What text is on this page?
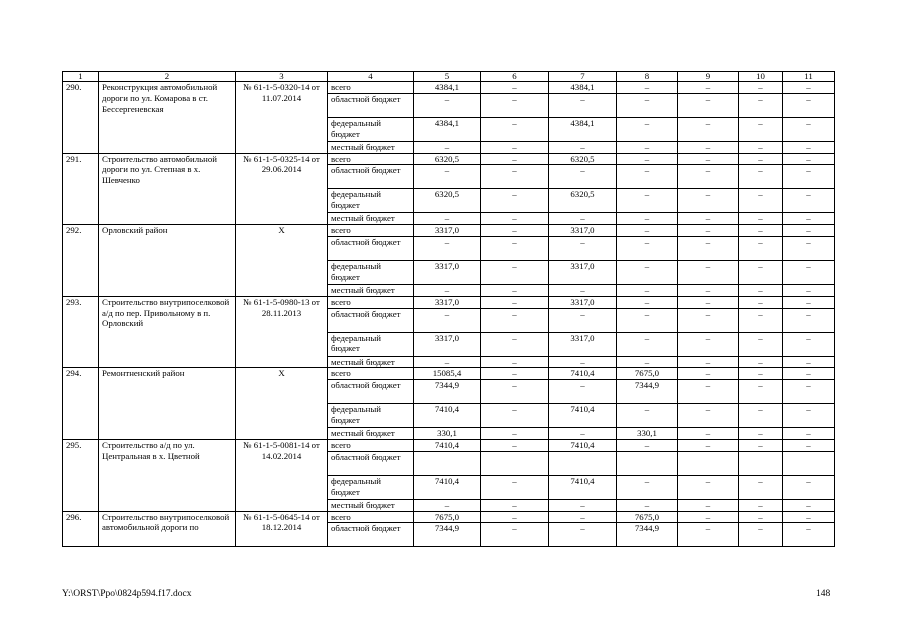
1	2	3	4	5	6	7	8	9	10	11
290.	Реконструкция автомобильной дороги по ул. Комарова в ст. Бессергеневская	№ 61-1-5-0320-14 от 11.07.2014	всего	4384,1	–	4384,1	–	–	–	–
			областной бюджет	–	–	–	–	–	–	–
			федеральный бюджет	4384,1	–	4384,1	–	–	–	–
			местный бюджет	–	–	–	–	–	–	–
291.	Строительство автомобильной дороги по ул. Степная в х. Шевченко	№ 61-1-5-0325-14 от 29.06.2014	всего	6320,5	–	6320,5	–	–	–	–
			областной бюджет	–	–	–	–	–	–	–
			федеральный бюджет	6320,5	–	6320,5	–	–	–	–
			местный бюджет	–	–	–	–	–	–	–
292.	Орловский район	Х	всего	3317,0	–	3317,0	–	–	–	–
			областной бюджет	–	–	–	–	–	–	–
			федеральный бюджет	3317,0	–	3317,0	–	–	–	–
			местный бюджет	–	–	–	–	–	–	–
293.	Строительство внутрипоселковой а/д по пер. Привольному в п. Орловский	№ 61-1-5-0980-13 от 28.11.2013	всего	3317,0	–	3317,0	–	–	–	–
			областной бюджет	–	–	–	–	–	–	–
			федеральный бюджет	3317,0	–	3317,0	–	–	–	–
			местный бюджет	–	–	–	–	–	–	–
294.	Ремонтненский район	Х	всего	15085,4	–	7410,4	7675,0	–	–	–
			областной бюджет	7344,9	–	–	7344,9	–	–	–
			федеральный бюджет	7410,4	–	7410,4	–	–	–	–
			местный бюджет	330,1	–	–	330,1	–	–	–
295.	Строительство а/д по ул. Центральная в х. Цветной	№ 61-1-5-0081-14 от 14.02.2014	всего	7410,4	–	7410,4	–	–	–	–
			областной бюджет							
			федеральный бюджет	7410,4	–	7410,4	–	–	–	–
			местный бюджет	–	–	–	–	–	–	–
296.	Строительство внутрипоселковой автомобильной дороги по	№ 61-1-5-0645-14 от 18.12.2014	всего	7675,0	–	–	7675,0	–	–	–
			областной бюджет	7344,9	–	–	7344,9	–	–	–
Y:\ORST\Ppo\0824p594.f17.docx	148
